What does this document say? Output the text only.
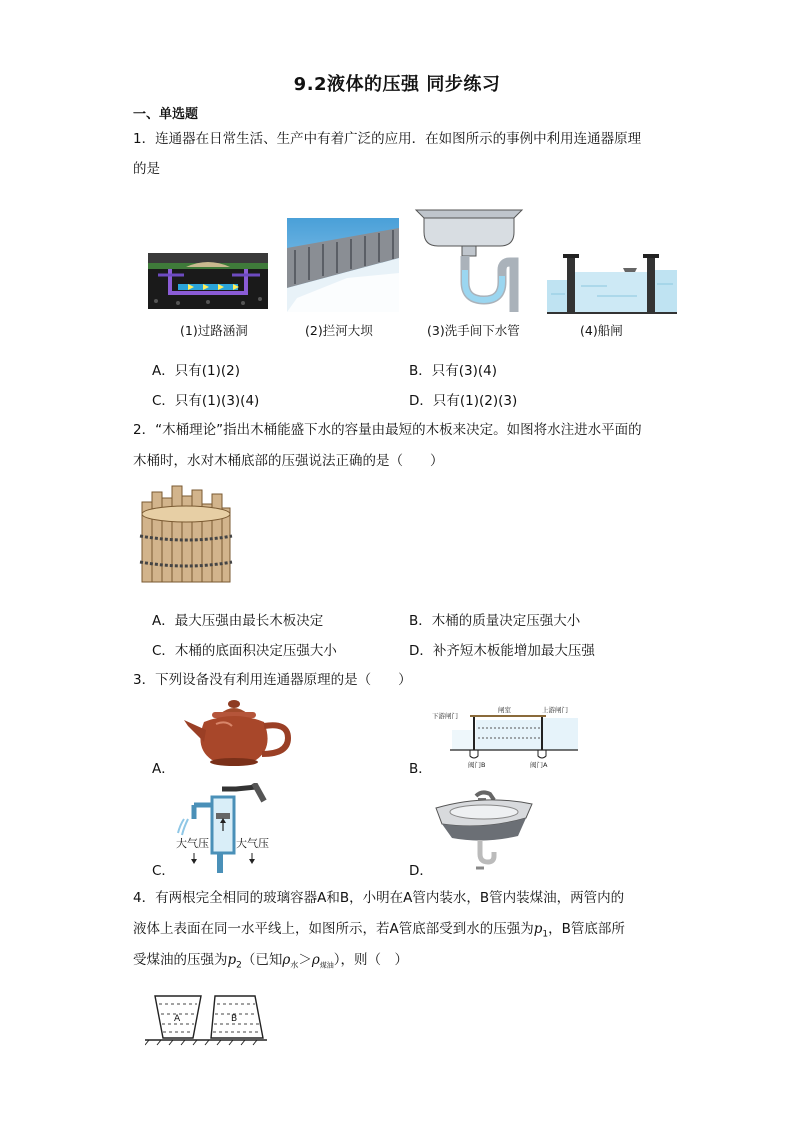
9.2液体的压强 同步练习
一、单选题
1．连通器在日常生活、生产中有着广泛的应用．在如图所示的事例中利用连通器原理
的是
(1)过路涵洞	(2)拦河大坝	(3)洗手间下水管	(4)船闸
A．只有(1)(2)	B．只有(3)(4)
C．只有(1)(3)(4)	D．只有(1)(2)(3)
2．“木桶理论”指出木桶能盛下水的容量由最短的木板来决定。如图将水注进水平面的
木桶时，水对木桶底部的压强说法正确的是（　　）
A．最大压强由最长木板决定	B．木桶的质量决定压强大小
C．木桶的底面积决定压强大小	D．补齐短木板能增加最大压强
3．下列设备没有利用连通器原理的是（　　）
A．	B．
下游闸门
闸室	上游闸门
阀门B	阀门A
C．
大气压 大气压
D．
4．有两根完全相同的玻璃容器A和B，小明在A管内装水，B管内装煤油，两管内的
液体上表面在同一水平线上，如图所示，若A管底部受到水的压强为$p_1$，B管底部所
受煤油的压强为$p_2$（已知$\rho_水>\rho_{煤油}$），则（　）
A	B
